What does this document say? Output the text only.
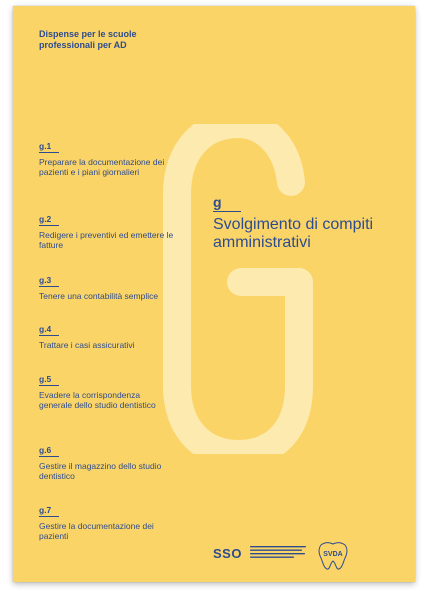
G
Dispense per le scuole professionali per AD
g.1
Preparare la documentazione dei pazienti e i piani giornalieri
g.2
Redigere i preventivi ed emettere le fatture
g.3
Tenere una contabilità semplice
g.4
Trattare i casi assicurativi
g.5
Evadere la corrispondenza generale dello studio dentistico
g.6
Gestire il magazzino dello studio dentistico
g.7
Gestire la documentazione dei pazienti
g
Svolgimento di compiti amministrativi
SSO	SVDA
